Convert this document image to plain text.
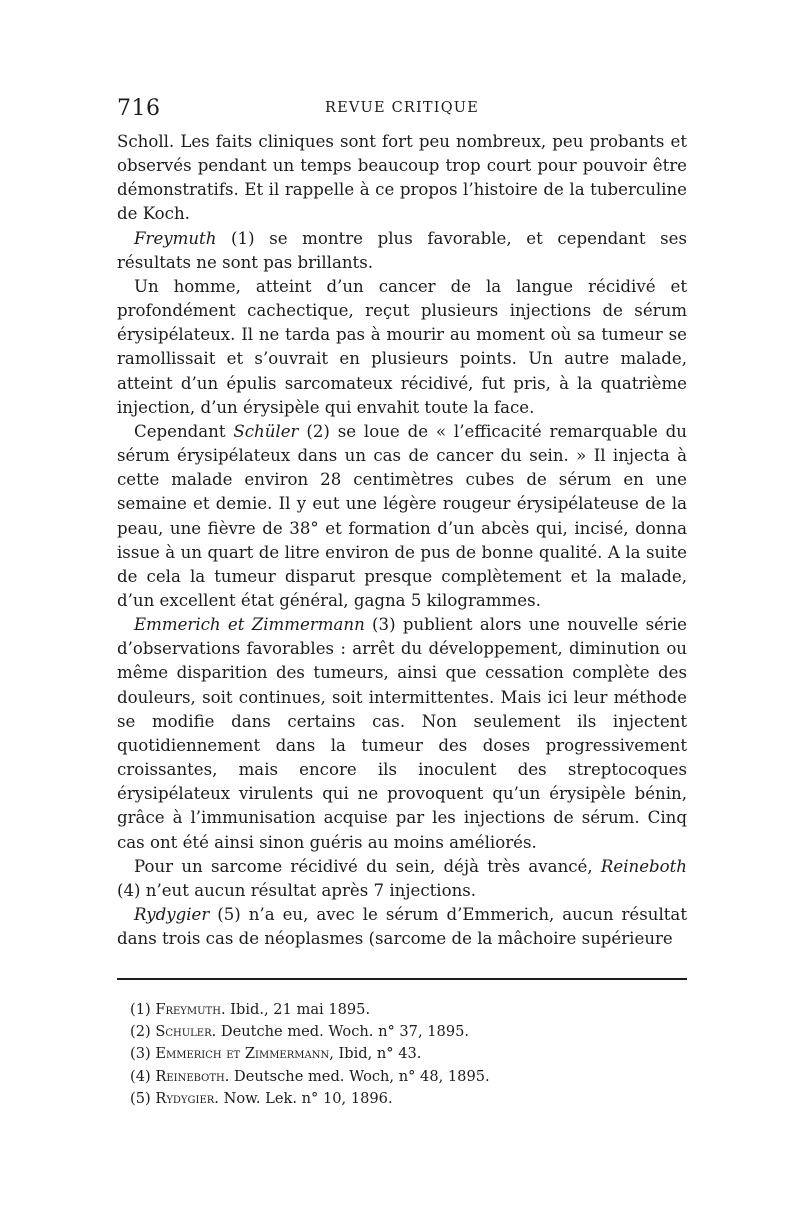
716	REVUE CRITIQUE

Scholl. Les faits cliniques sont fort peu nombreux, peu probants et observés pendant un temps beaucoup trop court pour pouvoir être démonstratifs. Et il rappelle à ce propos l’histoire de la tuberculine de Koch.

Freymuth (1) se montre plus favorable, et cependant ses résultats ne sont pas brillants.

Un homme, atteint d’un cancer de la langue récidivé et profondément cachectique, reçut plusieurs injections de sérum érysipélateux. Il ne tarda pas à mourir au moment où sa tumeur se ramollissait et s’ouvrait en plusieurs points. Un autre malade, atteint d’un épulis sarcomateux récidivé, fut pris, à la quatrième injection, d’un érysipèle qui envahit toute la face.

Cependant Schüler (2) se loue de « l’efficacité remarquable du sérum érysipélateux dans un cas de cancer du sein. » Il injecta à cette malade environ 28 centimètres cubes de sérum en une semaine et demie. Il y eut une légère rougeur érysipélateuse de la peau, une fièvre de 38° et formation d’un abcès qui, incisé, donna issue à un quart de litre environ de pus de bonne qualité. A la suite de cela la tumeur disparut presque complètement et la malade, d’un excellent état général, gagna 5 kilogrammes.

Emmerich et Zimmermann (3) publient alors une nouvelle série d’observations favorables : arrêt du développement, diminution ou même disparition des tumeurs, ainsi que cessation complète des douleurs, soit continues, soit intermittentes. Mais ici leur méthode se modifie dans certains cas. Non seulement ils injectent quotidiennement dans la tumeur des doses progressivement croissantes, mais encore ils inoculent des streptocoques érysipélateux virulents qui ne provoquent qu’un érysipèle bénin, grâce à l’immunisation acquise par les injections de sérum. Cinq cas ont été ainsi sinon guéris au moins améliorés.

Pour un sarcome récidivé du sein, déjà très avancé, Reineboth (4) n’eut aucun résultat après 7 injections.

Rydygier (5) n’a eu, avec le sérum d’Emmerich, aucun résultat dans trois cas de néoplasmes (sarcome de la mâchoire supérieure

(1) Freymuth. Ibid., 21 mai 1895.
(2) Schuler. Deutche med. Woch. n° 37, 1895.
(3) Emmerich et Zimmermann, Ibid, n° 43.
(4) Reineboth. Deutsche med. Woch, n° 48, 1895.
(5) Rydygier. Now. Lek. n° 10, 1896.
